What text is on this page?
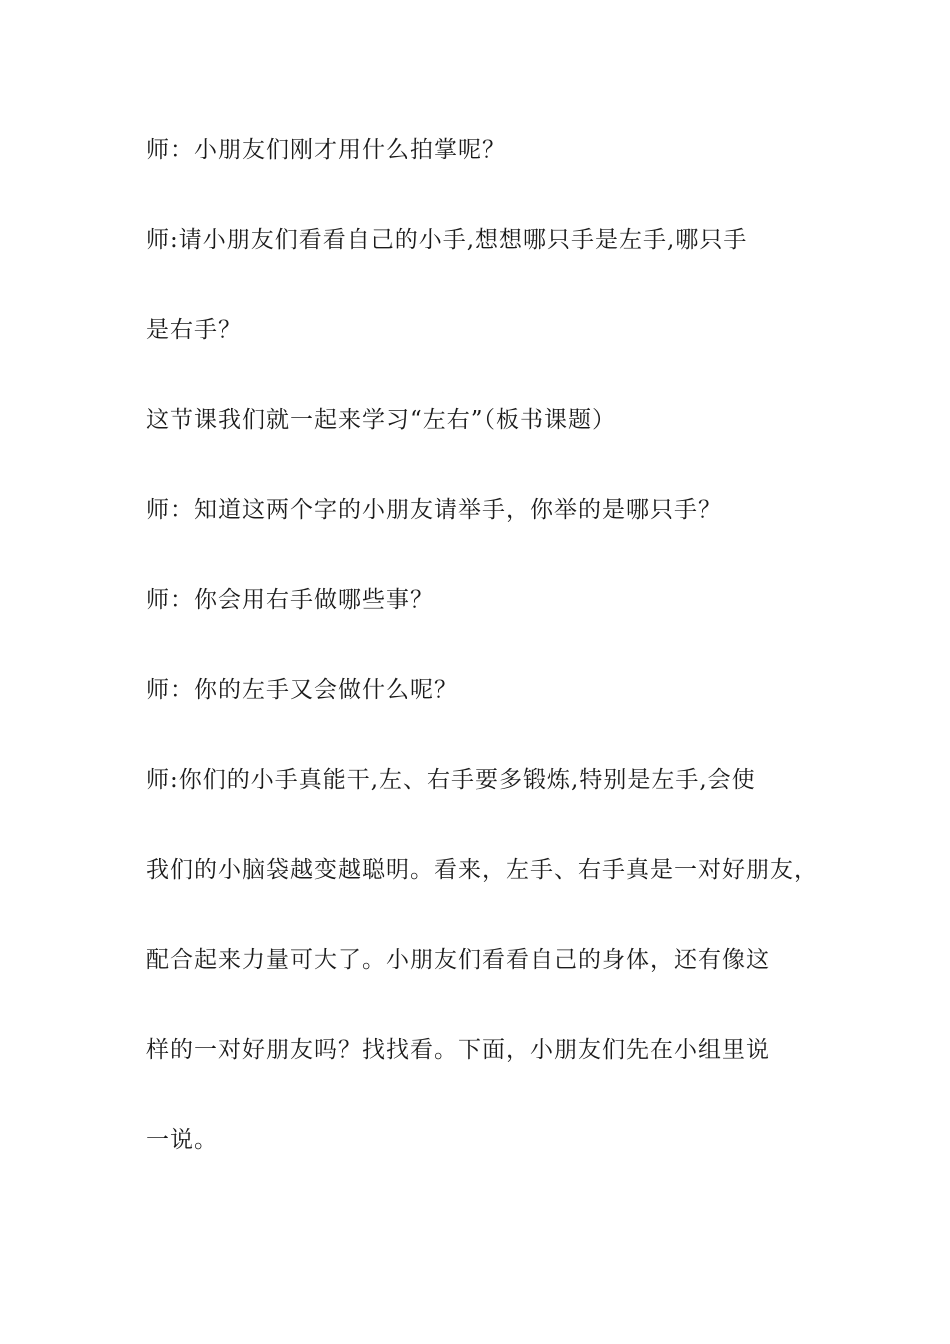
师：小朋友们刚才用什么拍掌呢？
师:请小朋友们看看自己的小手,想想哪只手是左手,哪只手
是右手？
这节课我们就一起来学习“左右”（板书课题）
师：知道这两个字的小朋友请举手，你举的是哪只手？
师：你会用右手做哪些事？
师：你的左手又会做什么呢？
师:你们的小手真能干,左、右手要多锻炼,特别是左手,会使
我们的小脑袋越变越聪明。看来，左手、右手真是一对好朋友，
配合起来力量可大了。小朋友们看看自己的身体，还有像这
样的一对好朋友吗？找找看。下面，小朋友们先在小组里说
一说。
